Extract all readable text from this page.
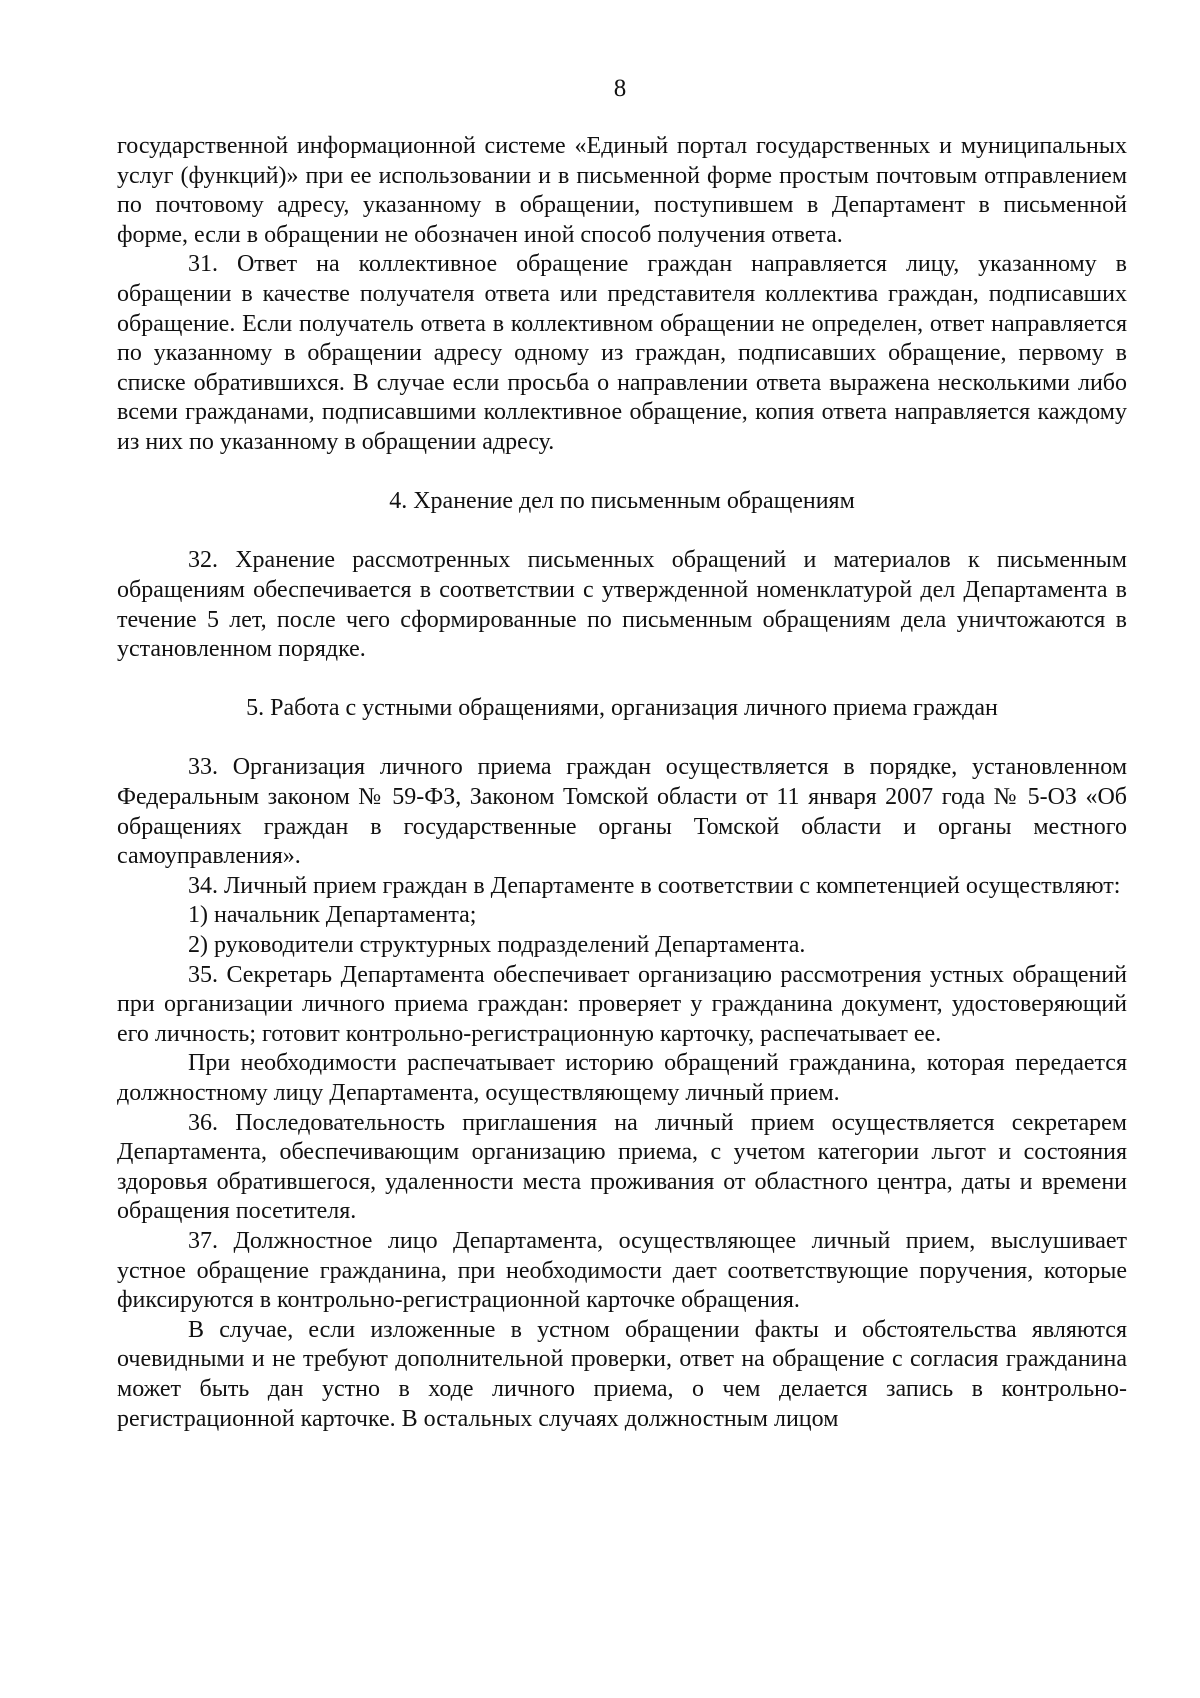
8

государственной информационной системе «Единый портал государственных и муниципальных услуг (функций)» при ее использовании и в письменной форме простым почтовым отправлением по почтовому адресу, указанному в обращении, поступившем в Департамент в письменной форме, если в обращении не обозначен иной способ получения ответа.

31. Ответ на коллективное обращение граждан направляется лицу, указанному в обращении в качестве получателя ответа или представителя коллектива граждан, подписавших обращение. Если получатель ответа в коллективном обращении не определен, ответ направляется по указанному в обращении адресу одному из граждан, подписавших обращение, первому в списке обратившихся. В случае если просьба о направлении ответа выражена несколькими либо всеми гражданами, подписавшими коллективное обращение, копия ответа направляется каждому из них по указанному в обращении адресу.

4. Хранение дел по письменным обращениям

32. Хранение рассмотренных письменных обращений и материалов к письменным обращениям обеспечивается в соответствии с утвержденной номенклатурой дел Департамента в течение 5 лет, после чего сформированные по письменным обращениям дела уничтожаются в установленном порядке.

5. Работа с устными обращениями, организация личного приема граждан

33. Организация личного приема граждан осуществляется в порядке, установленном Федеральным законом № 59-ФЗ, Законом Томской области от 11 января 2007 года № 5-ОЗ «Об обращениях граждан в государственные органы Томской области и органы местного самоуправления».

34. Личный прием граждан в Департаменте в соответствии с компетенцией осуществляют:

1) начальник Департамента;

2) руководители структурных подразделений Департамента.

35. Секретарь Департамента обеспечивает организацию рассмотрения устных обращений при организации личного приема граждан: проверяет у гражданина документ, удостоверяющий его личность; готовит контрольно-регистрационную карточку, распечатывает ее.

При необходимости распечатывает историю обращений гражданина, которая передается должностному лицу Департамента, осуществляющему личный прием.

36. Последовательность приглашения на личный прием осуществляется секретарем Департамента, обеспечивающим организацию приема, с учетом категории льгот и состояния здоровья обратившегося, удаленности места проживания от областного центра, даты и времени обращения посетителя.

37. Должностное лицо Департамента, осуществляющее личный прием, выслушивает устное обращение гражданина, при необходимости дает соответствующие поручения, которые фиксируются в контрольно-регистрационной карточке обращения.

В случае, если изложенные в устном обращении факты и обстоятельства являются очевидными и не требуют дополнительной проверки, ответ на обращение с согласия гражданина может быть дан устно в ходе личного приема, о чем делается запись в контрольно-регистрационной карточке. В остальных случаях должностным лицом
